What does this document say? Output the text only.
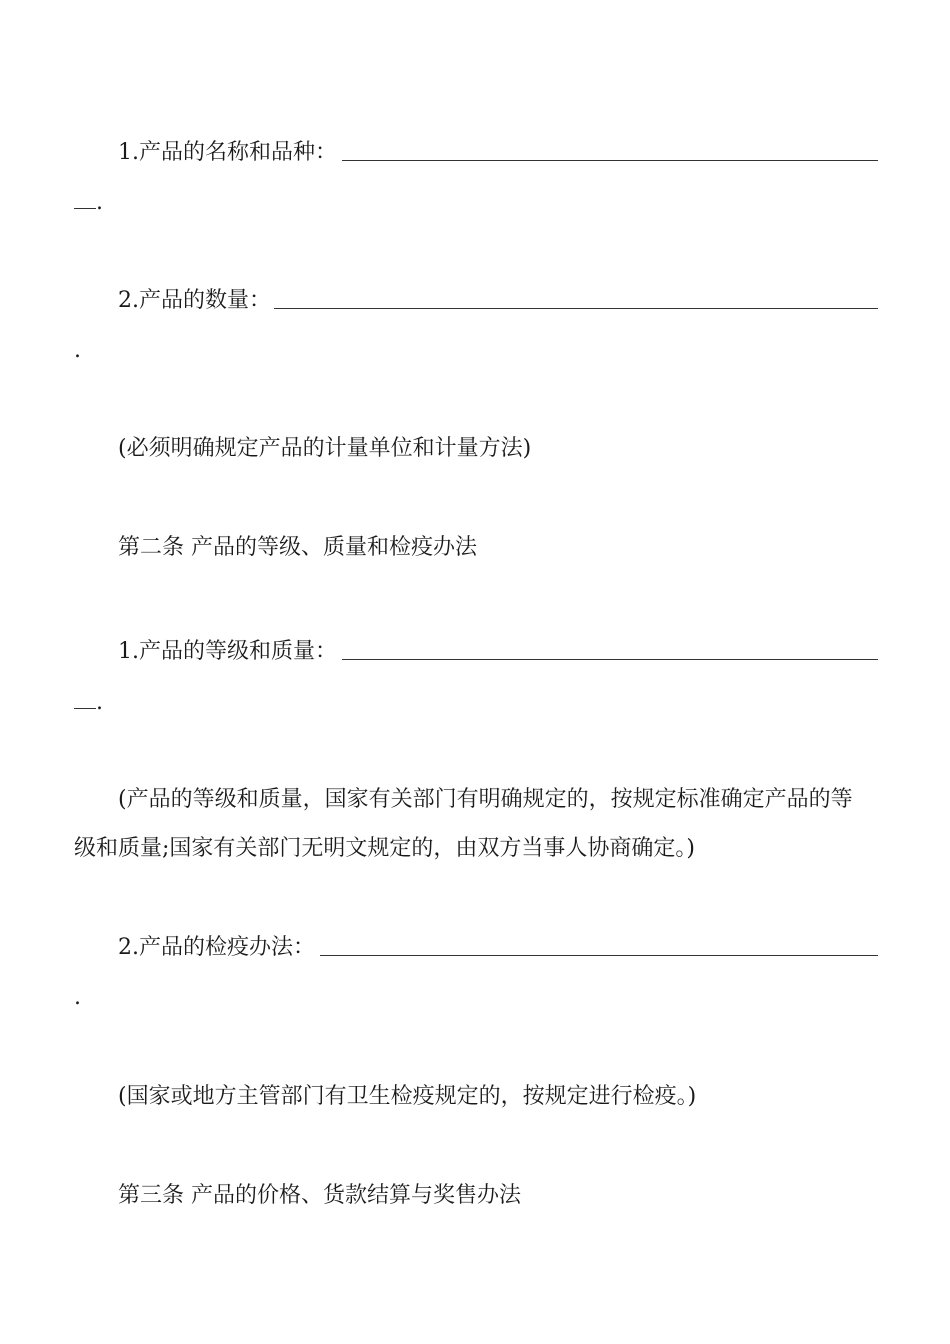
1.产品的名称和品种：
.
2.产品的数量：
.
(必须明确规定产品的计量单位和计量方法)
第二条 产品的等级、质量和检疫办法
1.产品的等级和质量：
.
(产品的等级和质量，国家有关部门有明确规定的，按规定标准确定产品的等
级和质量;国家有关部门无明文规定的，由双方当事人协商确定。)
2.产品的检疫办法：
.
(国家或地方主管部门有卫生检疫规定的，按规定进行检疫。)
第三条 产品的价格、货款结算与奖售办法
